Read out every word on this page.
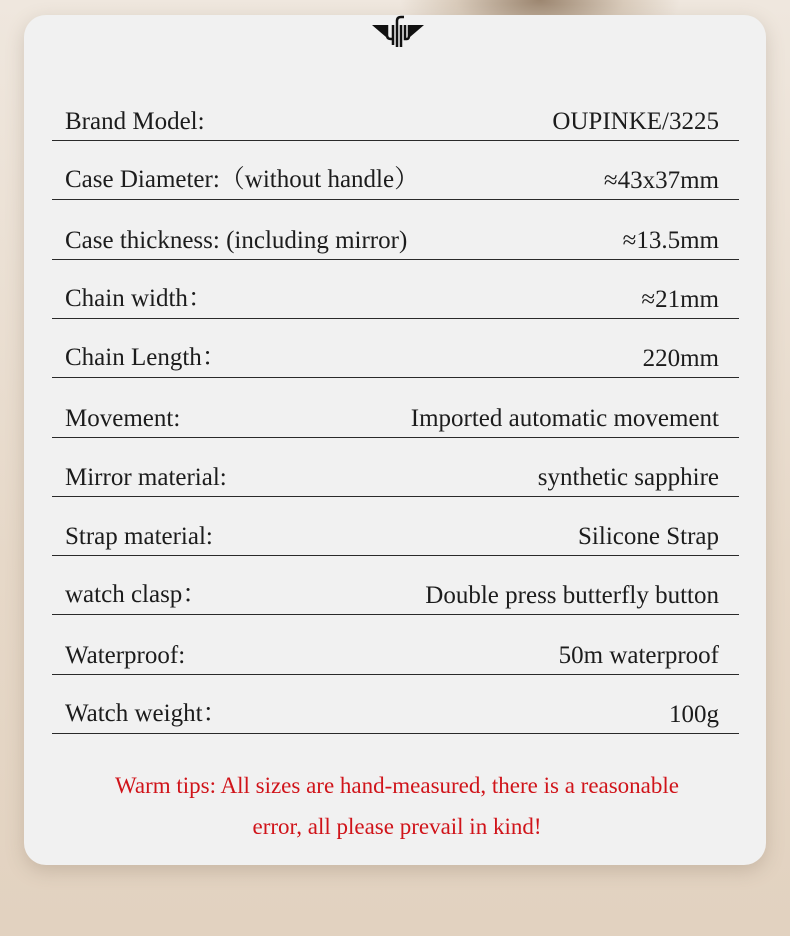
Brand Model:	OUPINKE/3225
Case Diameter:（without handle）	≈43x37mm
Case thickness: (including mirror)	≈13.5mm
Chain width：	≈21mm
Chain Length：	220mm
Movement:	Imported automatic movement
Mirror material:	synthetic sapphire
Strap material:	Silicone Strap
watch clasp：	Double press butterfly button
Waterproof:	50m waterproof
Watch weight：	100g
Warm tips: All sizes are hand-measured, there is a reasonable
error, all please prevail in kind!
